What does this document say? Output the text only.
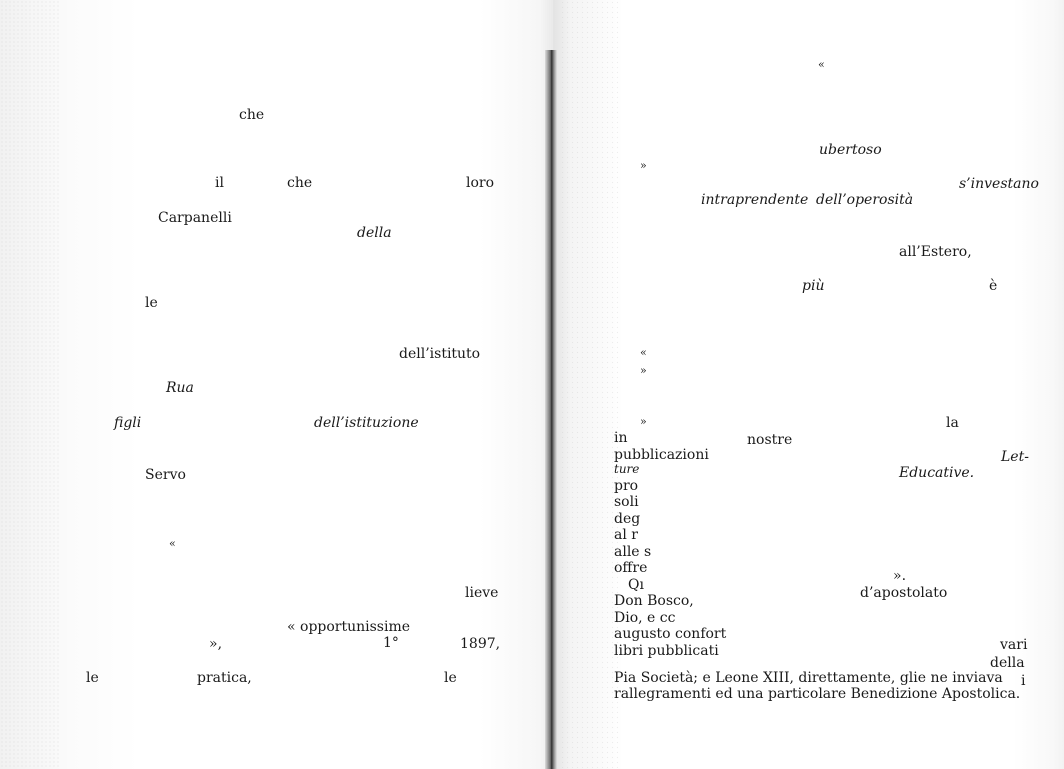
che
il	che	loro
Carpanelli
della
le
dell’istituto
Rua
figli	dell’istituzione
Servo
«
lieve
« opportunissime
»,	1°	1897,
le	pratica,	le
«
ubertoso
»
intraprendente dell’operosità
s’investano
all’Estero,
più	è
«
»
»	la
nostre
Let-
Educative.
».
d’apostolato
vari
della
i
in
pubblicazioni
ture
pro
soli
deg
al r
alle s
offre
Qı
Don Bosco,
Dio, e cc
augusto confort
libri pubblicati
Pia Società; e Leone XIII, direttamente, glie ne inviava
rallegramenti ed una particolare Benedizione Apostolica.
